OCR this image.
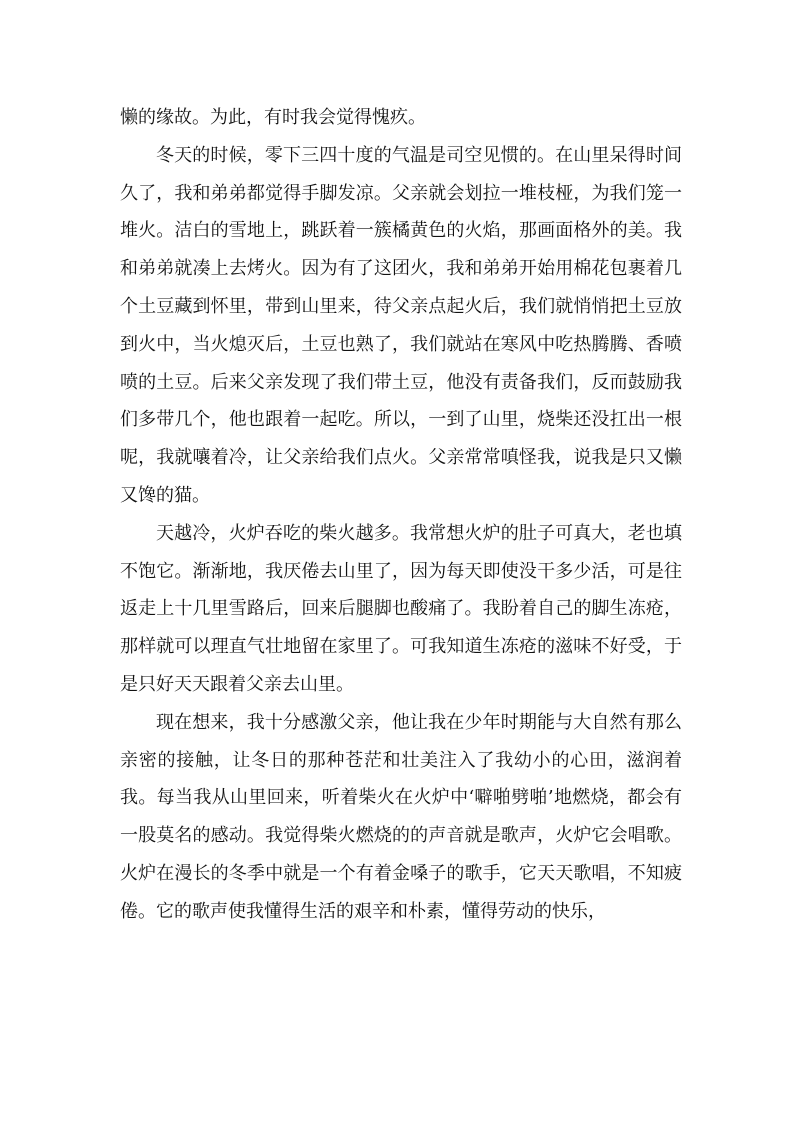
懒的缘故。为此，有时我会觉得愧疚。

冬天的时候，零下三四十度的气温是司空见惯的。在山里呆得时间久了，我和弟弟都觉得手脚发凉。父亲就会划拉一堆枝桠，为我们笼一堆火。洁白的雪地上，跳跃着一簇橘黄色的火焰，那画面格外的美。我和弟弟就凑上去烤火。因为有了这团火，我和弟弟开始用棉花包裹着几个土豆藏到怀里，带到山里来，待父亲点起火后，我们就悄悄把土豆放到火中，当火熄灭后，土豆也熟了，我们就站在寒风中吃热腾腾、香喷喷的土豆。后来父亲发现了我们带土豆，他没有责备我们，反而鼓励我们多带几个，他也跟着一起吃。所以，一到了山里，烧柴还没扛出一根呢，我就嚷着冷，让父亲给我们点火。父亲常常嗔怪我，说我是只又懒又馋的猫。

天越冷，火炉吞吃的柴火越多。我常想火炉的肚子可真大，老也填不饱它。渐渐地，我厌倦去山里了，因为每天即使没干多少活，可是往返走上十几里雪路后，回来后腿脚也酸痛了。我盼着自己的脚生冻疮，那样就可以理直气壮地留在家里了。可我知道生冻疮的滋味不好受，于是只好天天跟着父亲去山里。

现在想来，我十分感激父亲，他让我在少年时期能与大自然有那么亲密的接触，让冬日的那种苍茫和壮美注入了我幼小的心田，滋润着我。每当我从山里回来，听着柴火在火炉中‘噼啪劈啪’地燃烧，都会有一股莫名的感动。我觉得柴火燃烧的的声音就是歌声，火炉它会唱歌。火炉在漫长的冬季中就是一个有着金嗓子的歌手，它天天歌唱，不知疲倦。它的歌声使我懂得生活的艰辛和朴素，懂得劳动的快乐，
